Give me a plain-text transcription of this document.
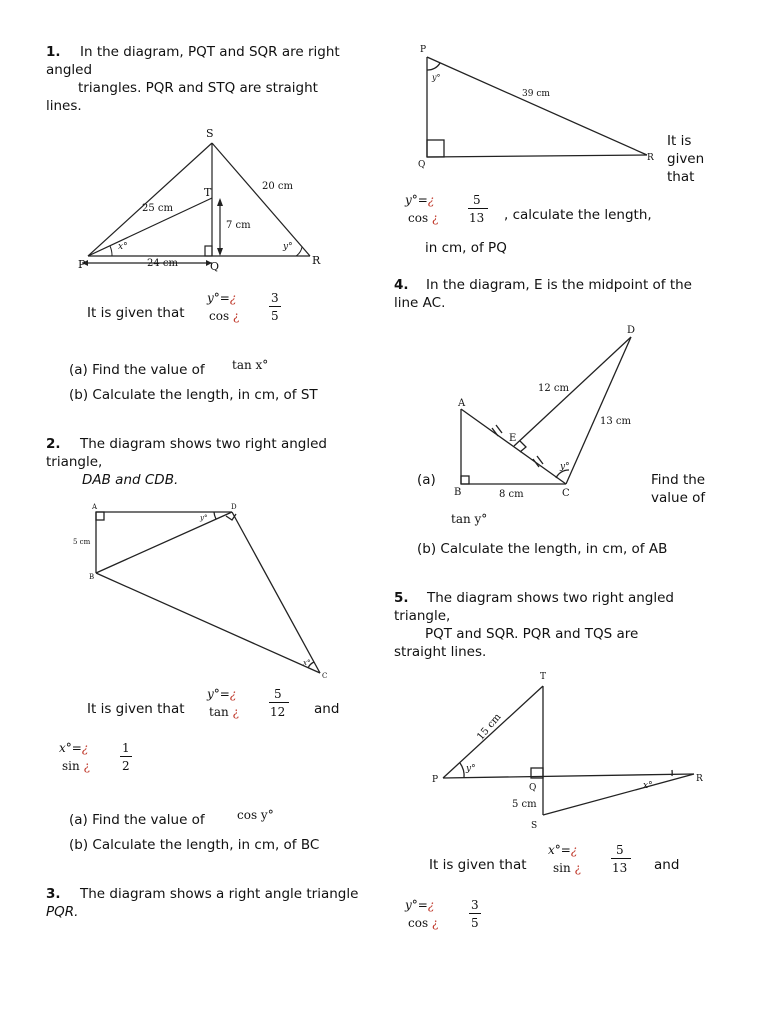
1. In the diagram, PQT and SQR are right
angled
triangles. PQR and STQ are straight
lines.
S
T
P	Q	R
25 cm
20 cm
7 cm
24 cm
x°	y°
It is given that
y°=¿
cos ¿
3
5
(a) Find the value of tan x°
(b) Calculate the length, in cm, of ST
2. The diagram shows two right angled
triangle,
DAB and CDB.
A	D
B
C
5 cm
y°
x°
It is given that
y°=¿
tan ¿
5
12 and
x°=¿
sin ¿
1
2
(a) Find the value of	cos y°
(b) Calculate the length, in cm, of BC
3. The diagram shows a right angle triangle
PQR.
P
Q
R
39 cm
y°
It is
given
that
y°=¿
cos ¿
5
13 , calculate the length,
in cm, of PQ
4. In the diagram, E is the midpoint of the
line AC.
D
A
E
B	C
12 cm
13 cm
8 cm
y°
(a)	Find the
value of
tan y°
(b) Calculate the length, in cm, of AB
5. The diagram shows two right angled
triangle,
PQT and SQR. PQR and TQS are
straight lines.
T
P
Q
R
S
15 cm
5 cm
y°
x°
It is given that
x°=¿
sin ¿
5
13 and
y°=¿
cos ¿
3
5
